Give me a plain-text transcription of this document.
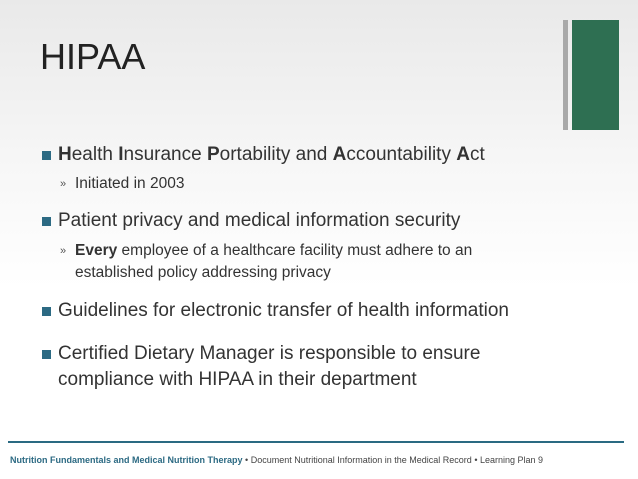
HIPAA
Health Insurance Portability and Accountability Act
» Initiated in 2003
Patient privacy and medical information security
» Every employee of a healthcare facility must adhere to an established policy addressing privacy
Guidelines for electronic transfer of health information
Certified Dietary Manager is responsible to ensure compliance with HIPAA in their department
Nutrition Fundamentals and Medical Nutrition Therapy • Document Nutritional Information in the Medical Record • Learning Plan 9
